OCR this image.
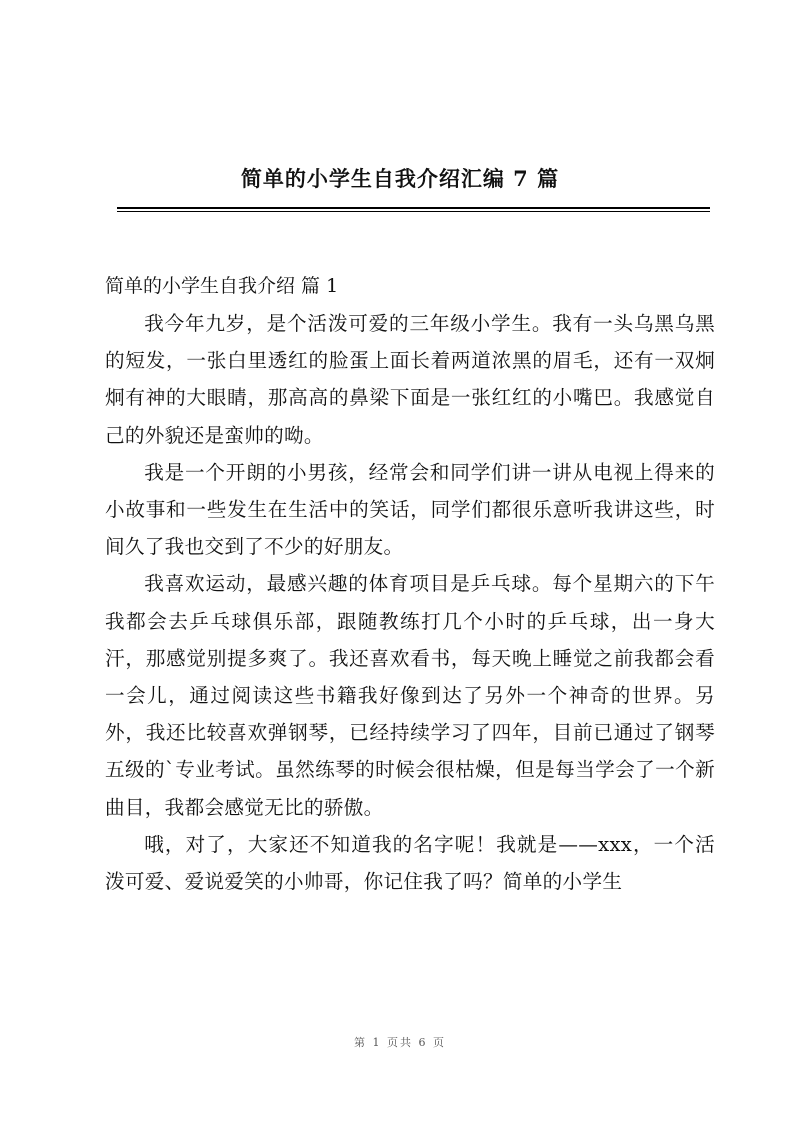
简单的小学生自我介绍汇编 7 篇

简单的小学生自我介绍 篇 1

我今年九岁，是个活泼可爱的三年级小学生。我有一头乌黑乌黑的短发，一张白里透红的脸蛋上面长着两道浓黑的眉毛，还有一双炯炯有神的大眼睛，那高高的鼻梁下面是一张红红的小嘴巴。我感觉自己的外貌还是蛮帅的呦。

我是一个开朗的小男孩，经常会和同学们讲一讲从电视上得来的小故事和一些发生在生活中的笑话，同学们都很乐意听我讲这些，时间久了我也交到了不少的好朋友。

我喜欢运动，最感兴趣的体育项目是乒乓球。每个星期六的下午我都会去乒乓球俱乐部，跟随教练打几个小时的乒乓球，出一身大汗，那感觉别提多爽了。我还喜欢看书，每天晚上睡觉之前我都会看一会儿，通过阅读这些书籍我好像到达了另外一个神奇的世界。另外，我还比较喜欢弹钢琴，已经持续学习了四年，目前已通过了钢琴五级的`专业考试。虽然练琴的时候会很枯燥，但是每当学会了一个新曲目，我都会感觉无比的骄傲。

哦，对了，大家还不知道我的名字呢！我就是——xxx，一个活泼可爱、爱说爱笑的小帅哥，你记住我了吗？简单的小学生

第 1 页共 6 页
